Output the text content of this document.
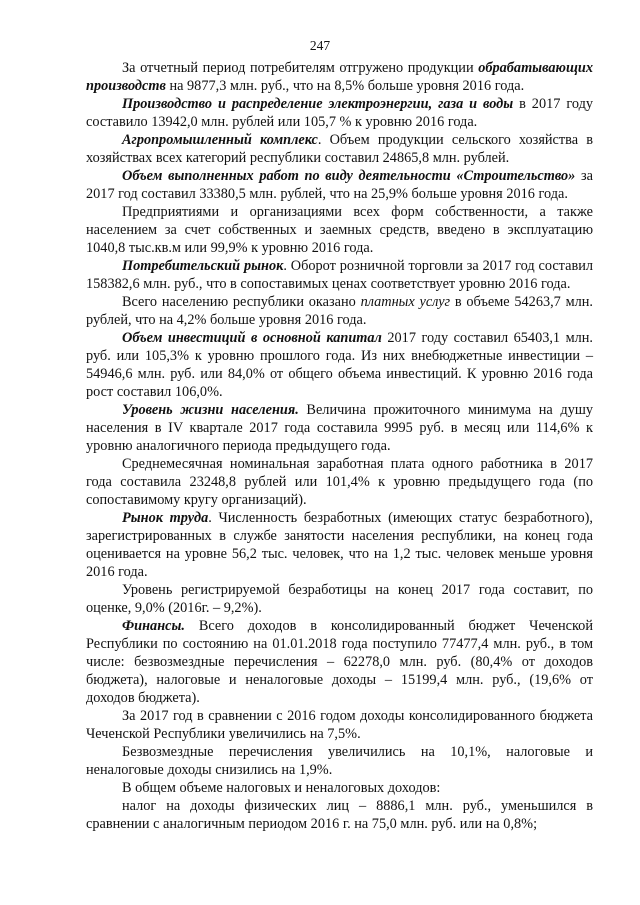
247

За отчетный период потребителям отгружено продукции обрабатывающих производств на 9877,3 млн. руб., что на 8,5% больше уровня 2016 года.

Производство и распределение электроэнергии, газа и воды в 2017 году составило 13942,0 млн. рублей или 105,7 % к уровню 2016 года.

Агропромышленный комплекс. Объем продукции сельского хозяйства в хозяйствах всех категорий республики составил 24865,8 млн. рублей.

Объем выполненных работ по виду деятельности «Строительство» за 2017 год составил 33380,5 млн. рублей, что на 25,9% больше уровня 2016 года.

Предприятиями и организациями всех форм собственности, а также населением за счет собственных и заемных средств, введено в эксплуатацию 1040,8 тыс.кв.м или 99,9% к уровню 2016 года.

Потребительский рынок. Оборот розничной торговли за 2017 год составил 158382,6 млн. руб., что в сопоставимых ценах соответствует уровню 2016 года.

Всего населению республики оказано платных услуг в объеме 54263,7 млн. рублей, что на 4,2% больше уровня 2016 года.

Объем инвестиций в основной капитал 2017 году составил 65403,1 млн. руб. или 105,3% к уровню прошлого года. Из них внебюджетные инвестиции – 54946,6 млн. руб. или 84,0% от общего объема инвестиций. К уровню 2016 года рост составил 106,0%.

Уровень жизни населения. Величина прожиточного минимума на душу населения в IV квартале 2017 года составила 9995 руб. в месяц или 114,6% к уровню аналогичного периода предыдущего года.

Среднемесячная номинальная заработная плата одного работника в 2017 года составила 23248,8 рублей или 101,4% к уровню предыдущего года (по сопоставимому кругу организаций).

Рынок труда. Численность безработных (имеющих статус безработного), зарегистрированных в службе занятости населения республики, на конец года оценивается на уровне 56,2 тыс. человек, что на 1,2 тыс. человек меньше уровня 2016 года.

Уровень регистрируемой безработицы на конец 2017 года составит, по оценке, 9,0% (2016г. – 9,2%).

Финансы. Всего доходов в консолидированный бюджет Чеченской Республики по состоянию на 01.01.2018 года поступило 77477,4 млн. руб., в том числе: безвозмездные перечисления – 62278,0 млн. руб. (80,4% от доходов бюджета), налоговые и неналоговые доходы – 15199,4 млн. руб., (19,6% от доходов бюджета).

За 2017 год в сравнении с 2016 годом доходы консолидированного бюджета Чеченской Республики увеличились на 7,5%.

Безвозмездные перечисления увеличились на 10,1%, налоговые и неналоговые доходы снизились на 1,9%.

В общем объеме налоговых и неналоговых доходов:

налог на доходы физических лиц – 8886,1 млн. руб., уменьшился в сравнении с аналогичным периодом 2016 г. на 75,0 млн. руб. или на 0,8%;
